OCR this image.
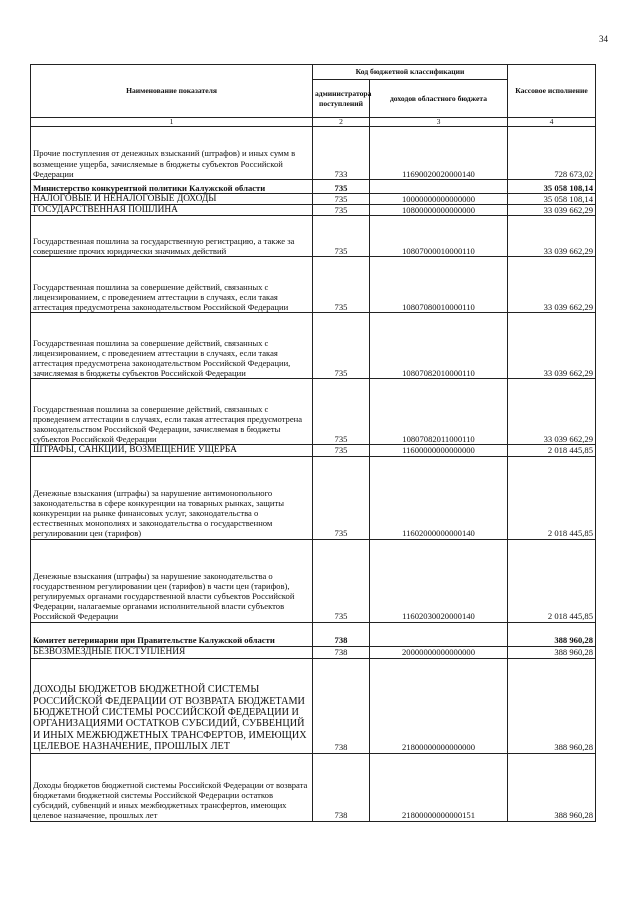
34
Наименование показателя	Код бюджетной классификации		Кассовое исполнение
	администратора поступлений	доходов областного бюджета	
1	2	3	4
Прочие поступления от денежных взысканий (штрафов) и иных сумм в возмещение ущерба, зачисляемые в бюджеты субъектов Российской Федерации	733	11690020020000140	728 673,02
Министерство конкурентной политики Калужской области	735		35 058 108,14
НАЛОГОВЫЕ И НЕНАЛОГОВЫЕ ДОХОДЫ	735	10000000000000000	35 058 108,14
ГОСУДАРСТВЕННАЯ ПОШЛИНА	735	10800000000000000	33 039 662,29
Государственная пошлина за государственную регистрацию, а также за совершение прочих юридически значимых действий	735	10807000010000110	33 039 662,29
Государственная пошлина за совершение действий, связанных с лицензированием, с проведением аттестации в случаях, если такая аттестация предусмотрена законодательством Российской Федерации	735	10807080010000110	33 039 662,29
Государственная пошлина за совершение действий, связанных с лицензированием, с проведением аттестации в случаях, если такая аттестация предусмотрена законодательством Российской Федерации, зачисляемая в бюджеты субъектов Российской Федерации	735	10807082010000110	33 039 662,29
Государственная пошлина за совершение действий, связанных с проведением аттестации в случаях, если такая аттестация предусмотрена законодательством Российской Федерации, зачисляемая в бюджеты субъектов Российской Федерации	735	10807082011000110	33 039 662,29
ШТРАФЫ, САНКЦИИ, ВОЗМЕЩЕНИЕ УЩЕРБА	735	11600000000000000	2 018 445,85
Денежные взыскания (штрафы) за нарушение антимонопольного законодательства в сфере конкуренции на товарных рынках, защиты конкуренции на рынке финансовых услуг, законодательства о естественных монополиях и законодательства о государственном регулировании цен (тарифов)	735	11602000000000140	2 018 445,85
Денежные взыскания (штрафы) за нарушение законодательства о государственном регулировании цен (тарифов) в части цен (тарифов), регулируемых органами государственной власти субъектов Российской Федерации, налагаемые органами исполнительной власти субъектов Российской Федерации	735	11602030020000140	2 018 445,85
Комитет ветеринарии при Правительстве Калужской области	738		388 960,28
БЕЗВОЗМЕЗДНЫЕ ПОСТУПЛЕНИЯ	738	20000000000000000	388 960,28
ДОХОДЫ БЮДЖЕТОВ БЮДЖЕТНОЙ СИСТЕМЫ РОССИЙСКОЙ ФЕДЕРАЦИИ ОТ ВОЗВРАТА БЮДЖЕТАМИ БЮДЖЕТНОЙ СИСТЕМЫ РОССИЙСКОЙ ФЕДЕРАЦИИ И ОРГАНИЗАЦИЯМИ ОСТАТКОВ СУБСИДИЙ, СУБВЕНЦИЙ И ИНЫХ МЕЖБЮДЖЕТНЫХ ТРАНСФЕРТОВ, ИМЕЮЩИХ ЦЕЛЕВОЕ НАЗНАЧЕНИЕ, ПРОШЛЫХ ЛЕТ	738	21800000000000000	388 960,28
Доходы бюджетов бюджетной системы Российской Федерации от возврата бюджетами бюджетной системы Российской Федерации остатков субсидий, субвенций и иных межбюджетных трансфертов, имеющих целевое назначение, прошлых лет	738	21800000000000151	388 960,28
